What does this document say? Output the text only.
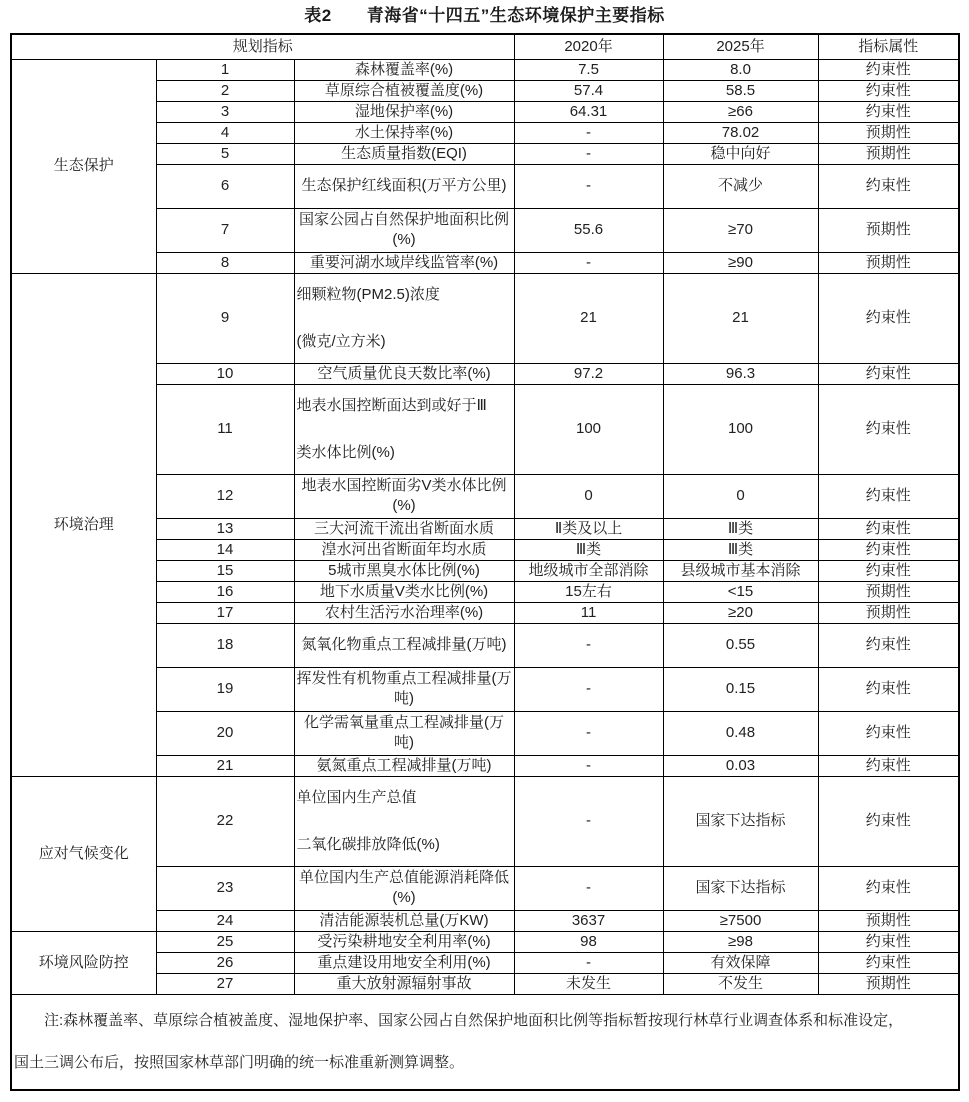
表2　　青海省“十四五”生态环境保护主要指标
规划指标			2020年	2025年	指标属性
生态保护	1	森林覆盖率(%)	7.5	8.0	约束性
	2	草原综合植被覆盖度(%)	57.4	58.5	约束性
	3	湿地保护率(%)	64.31	≥66	约束性
	4	水土保持率(%)	-	78.02	预期性
	5	生态质量指数(EQI)	-	稳中向好	预期性
	6	生态保护红线面积(万平方公里)	-	不减少	约束性
	7	国家公园占自然保护地面积比例(%)	55.6	≥70	预期性
	8	重要河湖水域岸线监管率(%)	-	≥90	预期性
环境治理	9	细颗粒物(PM2.5)浓度
(微克/立方米)	21	21	约束性
	10	空气质量优良天数比率(%)	97.2	96.3	约束性
	11	地表水国控断面达到或好于Ⅲ
类水体比例(%)	100	100	约束性
	12	地表水国控断面劣V类水体比例(%)	0	0	约束性
	13	三大河流干流出省断面水质	Ⅱ类及以上	Ⅲ类	约束性
	14	湟水河出省断面年均水质	Ⅲ类	Ⅲ类	约束性
	15	5城市黑臭水体比例(%)	地级城市全部消除	县级城市基本消除	约束性
	16	地下水质量V类水比例(%)	15左右	<15	预期性
	17	农村生活污水治理率(%)	11	≥20	预期性
	18	氮氧化物重点工程减排量(万吨)	-	0.55	约束性
	19	挥发性有机物重点工程减排量(万吨)	-	0.15	约束性
	20	化学需氧量重点工程减排量(万吨)	-	0.48	约束性
	21	氨氮重点工程减排量(万吨)	-	0.03	约束性
应对气候变化	22	单位国内生产总值
二氧化碳排放降低(%)	-	国家下达指标	约束性
	23	单位国内生产总值能源消耗降低(%)	-	国家下达指标	约束性
	24	清洁能源装机总量(万KW)	3637	≥7500	预期性
环境风险防控	25	受污染耕地安全利用率(%)	98	≥98	约束性
	26	重点建设用地安全利用(%)	-	有效保障	约束性
	27	重大放射源辐射事故	未发生	不发生	预期性

注:森林覆盖率、草原综合植被盖度、湿地保护率、国家公园占自然保护地面积比例等指标暂按现行林草行业调查体系和标准设定，
国土三调公布后，按照国家林草部门明确的统一标准重新测算调整。					
